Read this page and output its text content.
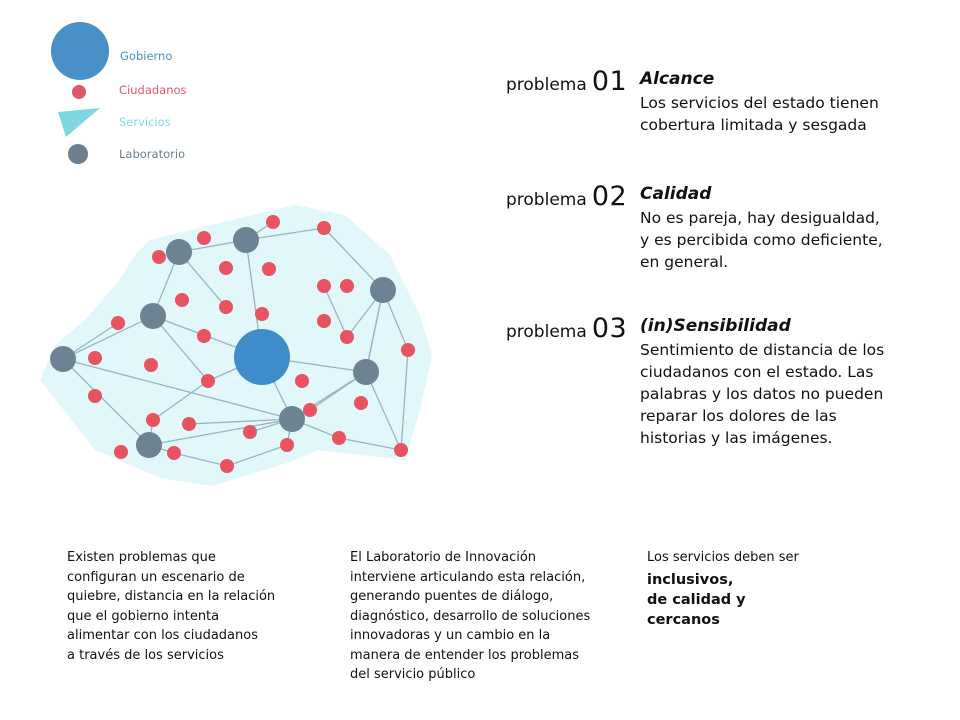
Gobierno
Ciudadanos
Servicios
Laboratorio
problema 01 Alcance
Los servicios del estado tienen
cobertura limitada y sesgada
problema 02 Calidad
No es pareja, hay desigualdad,
y es percibida como deficiente,
en general.
problema 03 (in)Sensibilidad
Sentimiento de distancia de los
ciudadanos con el estado. Las
palabras y los datos no pueden
reparar los dolores de las
historias y las imágenes.
Existen problemas que
configuran un escenario de
quiebre, distancia en la relación
que el gobierno intenta
alimentar con los ciudadanos
a través de los servicios
El Laboratorio de Innovación
interviene articulando esta relación,
generando puentes de diálogo,
diagnóstico, desarrollo de soluciones
innovadoras y un cambio en la
manera de entender los problemas
del servicio público
Los servicios deben ser
inclusivos,
de calidad y
cercanos
